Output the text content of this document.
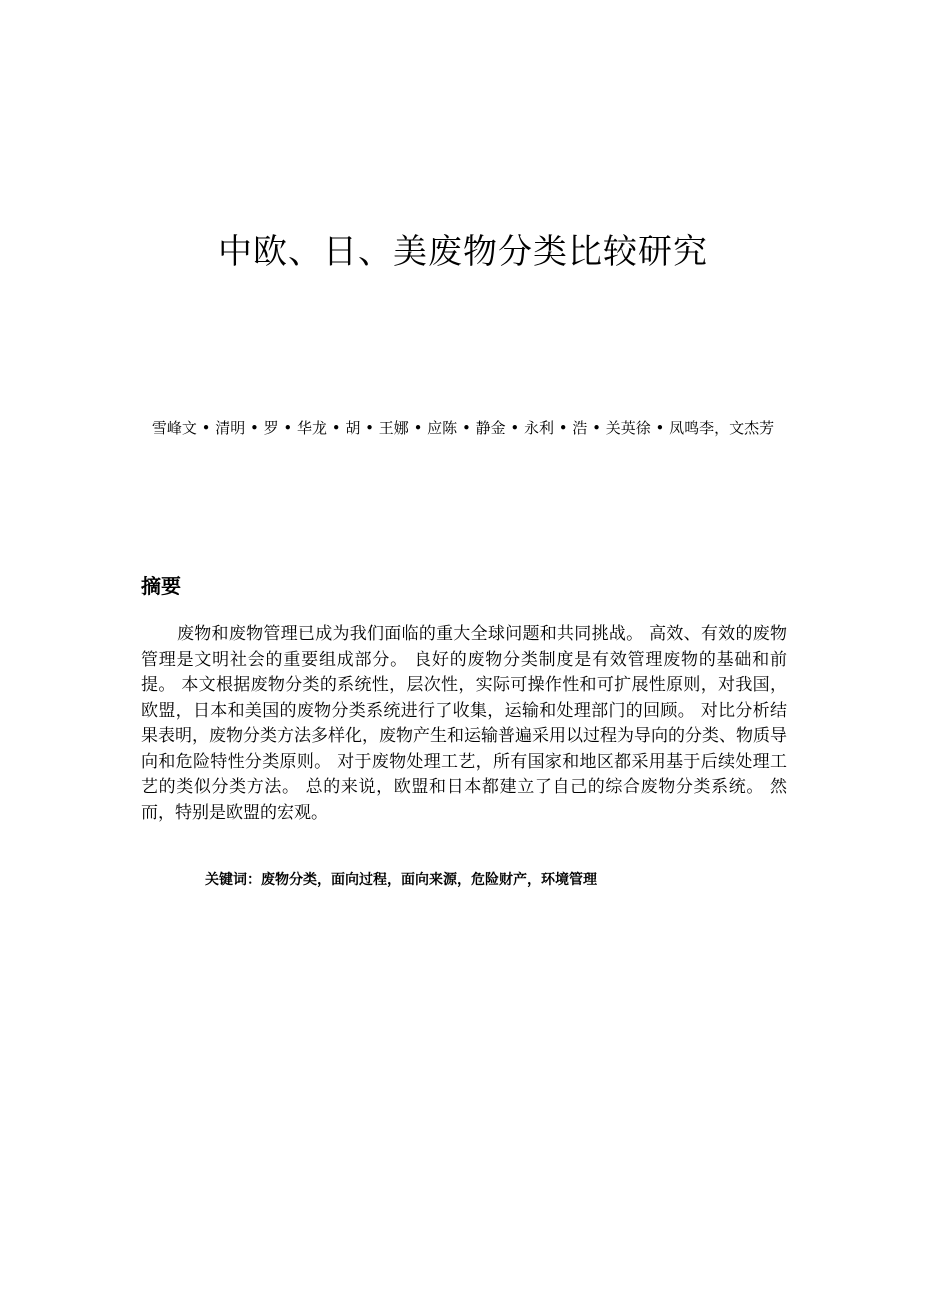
中欧、日、美废物分类比较研究

雪峰文 • 清明 • 罗 • 华龙 • 胡 • 王娜 • 应陈 • 静金 • 永利 • 浩 • 关英徐 • 凤鸣李，文杰芳

摘要

废物和废物管理已成为我们面临的重大全球问题和共同挑战。 高效、有效的废物管理是文明社会的重要组成部分。 良好的废物分类制度是有效管理废物的基础和前提。 本文根据废物分类的系统性，层次性，实际可操作性和可扩展性原则，对我国，欧盟，日本和美国的废物分类系统进行了收集，运输和处理部门的回顾。 对比分析结果表明，废物分类方法多样化，废物产生和运输普遍采用以过程为导向的分类、物质导向和危险特性分类原则。 对于废物处理工艺，所有国家和地区都采用基于后续处理工艺的类似分类方法。 总的来说，欧盟和日本都建立了自己的综合废物分类系统。 然而，特别是欧盟的宏观。

关键词：废物分类，面向过程，面向来源，危险财产，环境管理
